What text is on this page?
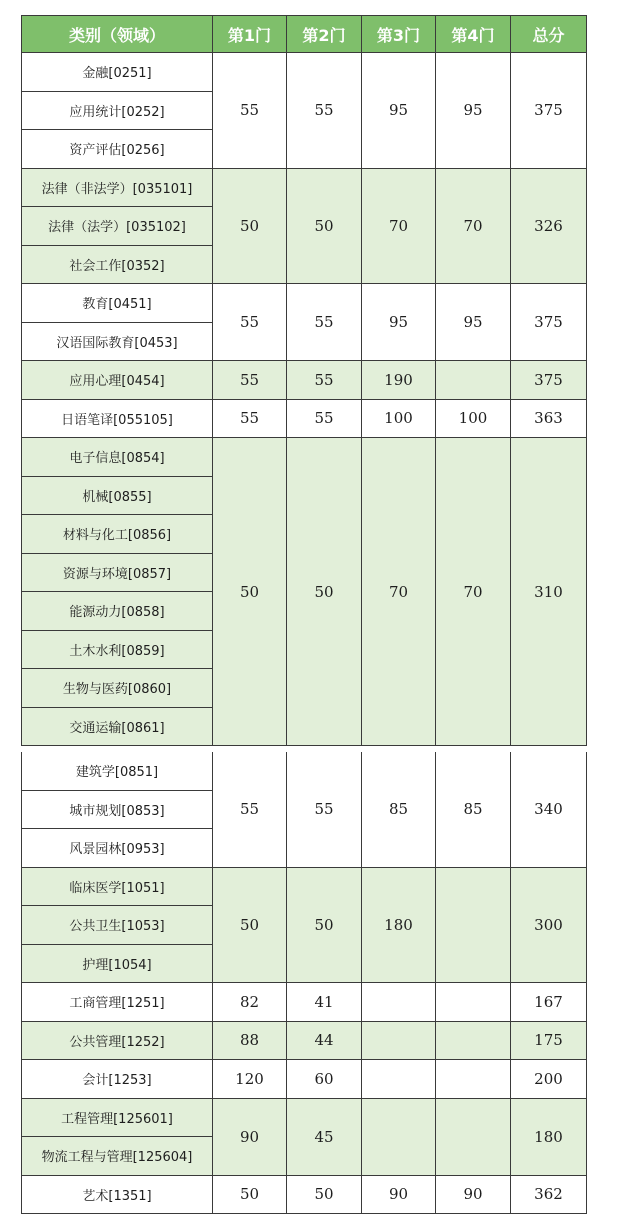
类别（领域）	第1门	第2门	第3门	第4门	总分
金融[0251]	55	55	95	95	375
应用统计[0252]					
资产评估[0256]					
法律（非法学）[035101]	50	50	70	70	326
法律（法学）[035102]					
社会工作[0352]					
教育[0451]	55	55	95	95	375
汉语国际教育[0453]					
应用心理[0454]	55	55	190		375
日语笔译[055105]	55	55	100	100	363
电子信息[0854]	50	50	70	70	310
机械[0855]					
材料与化工[0856]					
资源与环境[0857]					
能源动力[0858]					
土木水利[0859]					
生物与医药[0860]					
交通运输[0861]					
建筑学[0851]	55	55	85	85	340
城市规划[0853]					
风景园林[0953]					
临床医学[1051]	50	50	180		300
公共卫生[1053]					
护理[1054]					
工商管理[1251]	82	41			167
公共管理[1252]	88	44			175
会计[1253]	120	60			200
工程管理[125601]	90	45			180
物流工程与管理[125604]					
艺术[1351]	50	50	90	90	362
